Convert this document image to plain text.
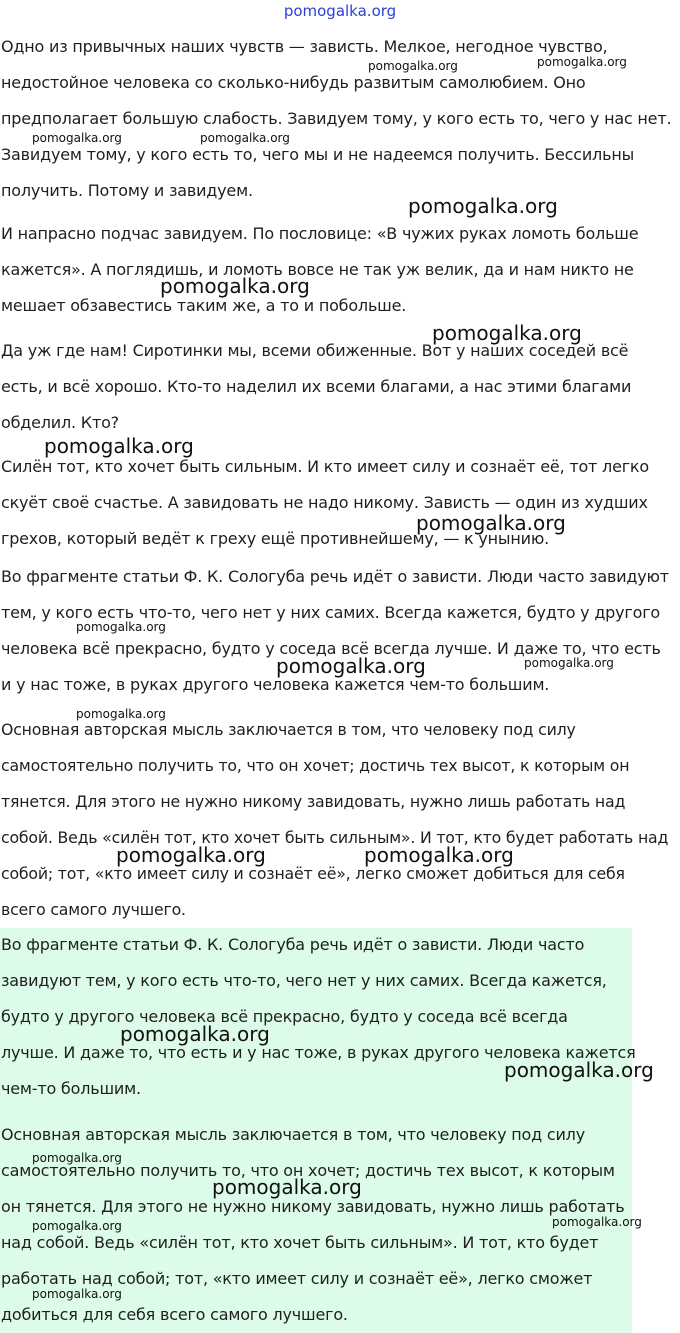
pomogalka.org

Одно из привычных наших чувств — зависть. Мелкое, негодное чувство,
недостойное человека со сколько-нибудь развитым самолюбием. Оно
предполагает большую слабость. Завидуем тому, у кого есть то, чего у нас нет.
Завидуем тому, у кого есть то, чего мы и не надеемся получить. Бессильны
получить. Потому и завидуем.

И напрасно подчас завидуем. По пословице: «В чужих руках ломоть больше
кажется». А поглядишь, и ломоть вовсе не так уж велик, да и нам никто не
мешает обзавестись таким же, а то и побольше.

Да уж где нам! Сиротинки мы, всеми обиженные. Вот у наших соседей всё
есть, и всё хорошо. Кто-то наделил их всеми благами, а нас этими благами
обделил. Кто?

Силён тот, кто хочет быть сильным. И кто имеет силу и сознаёт её, тот легко
скуёт своё счастье. А завидовать не надо никому. Зависть — один из худших
грехов, который ведёт к греху ещё противнейшему, — к унынию.

Во фрагменте статьи Ф. К. Сологуба речь идёт о зависти. Люди часто завидуют
тем, у кого есть что-то, чего нет у них самих. Всегда кажется, будто у другого
человека всё прекрасно, будто у соседа всё всегда лучше. И даже то, что есть
и у нас тоже, в руках другого человека кажется чем-то большим.

Основная авторская мысль заключается в том, что человеку под силу
самостоятельно получить то, что он хочет; достичь тех высот, к которым он
тянется. Для этого не нужно никому завидовать, нужно лишь работать над
собой. Ведь «силён тот, кто хочет быть сильным». И тот, кто будет работать над
собой; тот, «кто имеет силу и сознаёт её», легко сможет добиться для себя
всего самого лучшего.

Во фрагменте статьи Ф. К. Сологуба речь идёт о зависти. Люди часто
завидуют тем, у кого есть что-то, чего нет у них самих. Всегда кажется,
будто у другого человека всё прекрасно, будто у соседа всё всегда
лучше. И даже то, что есть и у нас тоже, в руках другого человека кажется
чем-то большим.

Основная авторская мысль заключается в том, что человеку под силу
самостоятельно получить то, что он хочет; достичь тех высот, к которым
он тянется. Для этого не нужно никому завидовать, нужно лишь работать
над собой. Ведь «силён тот, кто хочет быть сильным». И тот, кто будет
работать над собой; тот, «кто имеет силу и сознаёт её», легко сможет
добиться для себя всего самого лучшего.

pomogalka.org	pomogalka.org
pomogalka.org	pomogalka.org
pomogalka.org
pomogalka.org
pomogalka.org
pomogalka.org
pomogalka.org
pomogalka.org
pomogalka.org	pomogalka.org
pomogalka.org
pomogalka.org	pomogalka.org
pomogalka.org
pomogalka.org
pomogalka.org
pomogalka.org
pomogalka.org	pomogalka.org
pomogalka.org
